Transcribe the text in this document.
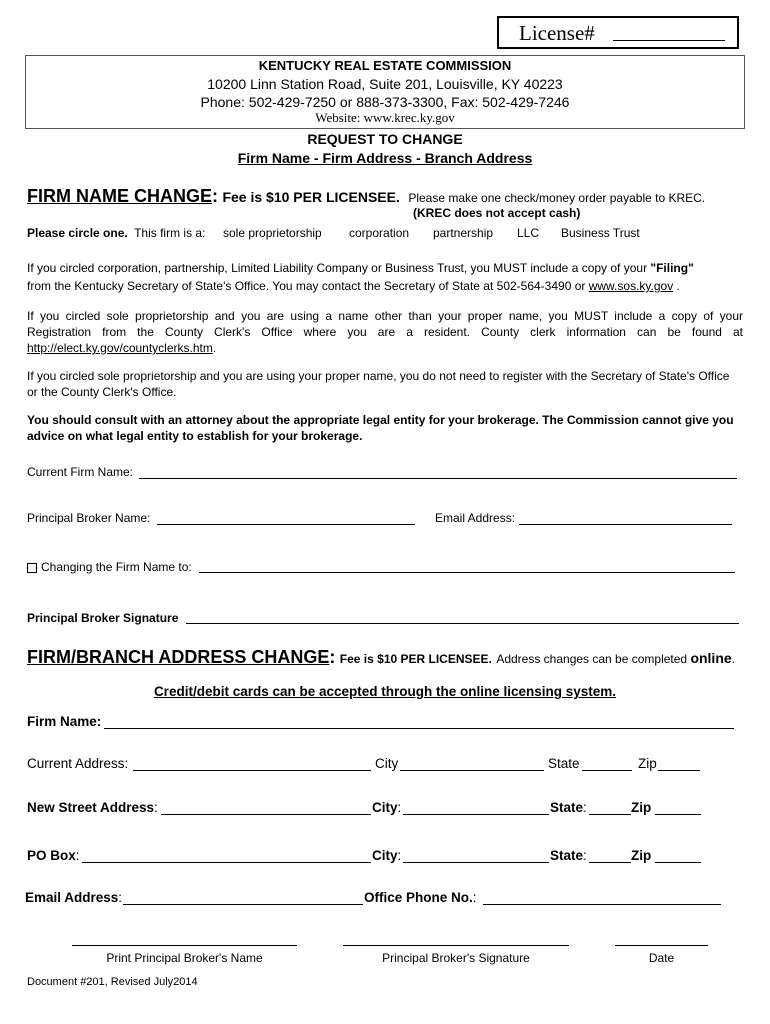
License#
KENTUCKY REAL ESTATE COMMISSION
10200 Linn Station Road, Suite 201, Louisville, KY 40223
Phone: 502-429-7250 or 888-373-3300, Fax: 502-429-7246
Website: www.krec.ky.gov
REQUEST TO CHANGE
Firm Name - Firm Address - Branch Address
FIRM NAME CHANGE: Fee is $10 PER LICENSEE. Please make one check/money order payable to KREC.
(KREC does not accept cash)
Please circle one. This firm is a: sole proprietorship corporation partnership LLC Business Trust
If you circled corporation, partnership, Limited Liability Company or Business Trust, you MUST include a copy of your "Filing"
from the Kentucky Secretary of State's Office. You may contact the Secretary of State at 502-564-3490 or www.sos.ky.gov .
If you circled sole proprietorship and you are using a name other than your proper name, you MUST include a copy of your Registration from the County Clerk's Office where you are a resident. County clerk information can be found at http://elect.ky.gov/countyclerks.htm.
If you circled sole proprietorship and you are using your proper name, you do not need to register with the Secretary of State's Office or the County Clerk's Office.
You should consult with an attorney about the appropriate legal entity for your brokerage. The Commission cannot give you advice on what legal entity to establish for your brokerage.
Current Firm Name:
Principal Broker Name:	Email Address:
Changing the Firm Name to:
Principal Broker Signature
FIRM/BRANCH ADDRESS CHANGE: Fee is $10 PER LICENSEE. Address changes can be completed online.
Credit/debit cards can be accepted through the online licensing system.
Firm Name:
Current Address:	City	State	Zip
New Street Address:	City:	State:	Zip
PO Box:	City:	State:	Zip
Email Address:	Office Phone No.:
Print Principal Broker's Name	Principal Broker's Signature	Date
Document #201, Revised July2014
